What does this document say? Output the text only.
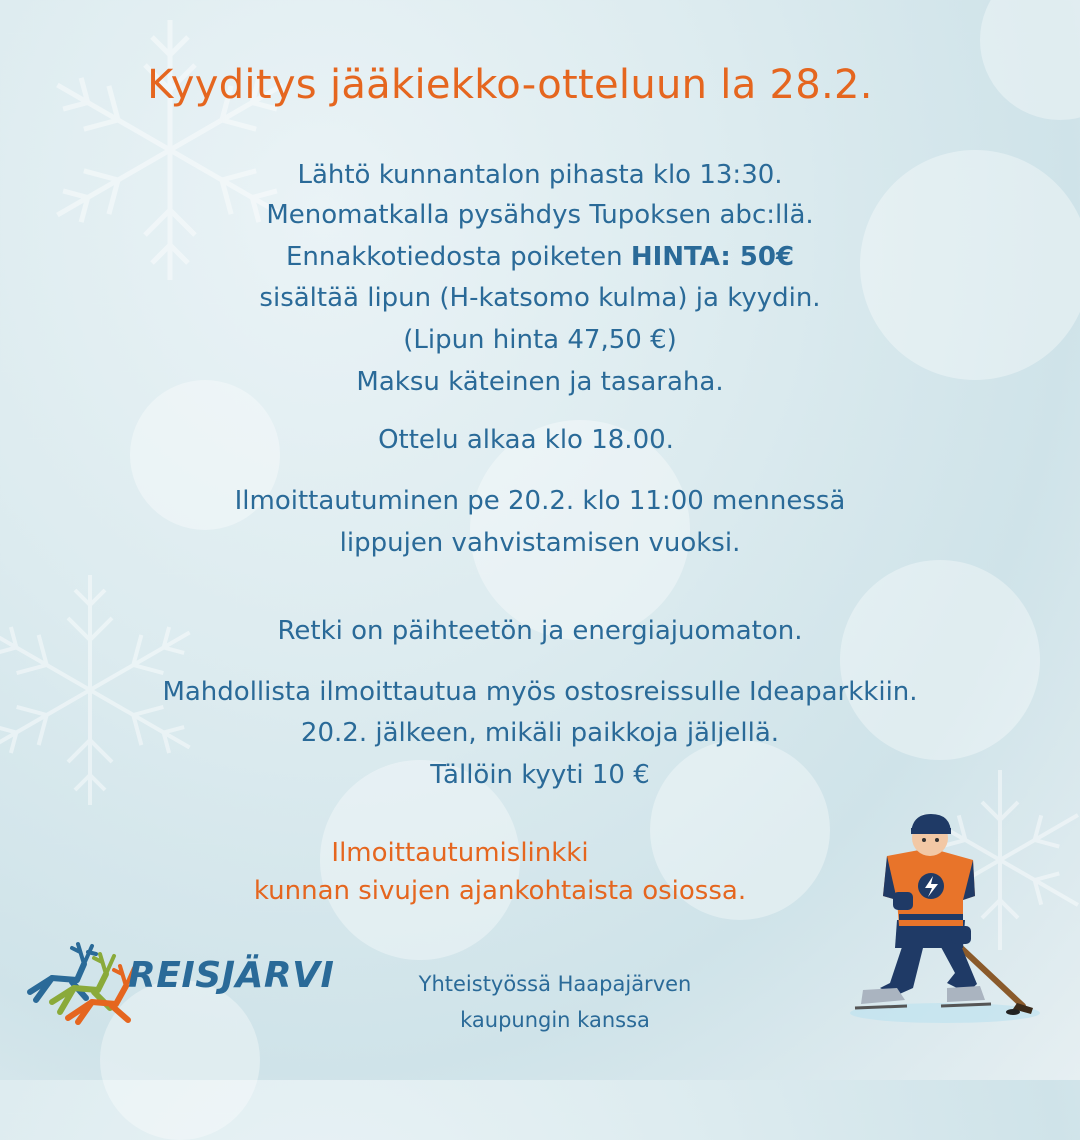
Kyyditys jääkiekko-otteluun la 28.2.
Lähtö kunnantalon pihasta klo 13:30.
Menomatkalla pysähdys Tupoksen abc:llä.
Ennakkotiedosta poiketen HINTA: 50€
sisältää lipun (H-katsomo kulma) ja kyydin.
(Lipun hinta 47,50 €)
Maksu käteinen ja tasaraha.
Ottelu alkaa klo 18.00.
Ilmoittautuminen pe 20.2. klo 11:00 mennessä
lippujen vahvistamisen vuoksi.
Retki on päihteetön ja energiajuomaton.
Mahdollista ilmoittautua myös ostosreissulle Ideaparkkiin.
20.2. jälkeen, mikäli paikkoja jäljellä.
Tällöin kyyti 10 €
Ilmoittautumislinkki
kunnan sivujen ajankohtaista osiossa.
REISJÄRVI	Yhteistyössä Haapajärven
kaupungin kanssa
